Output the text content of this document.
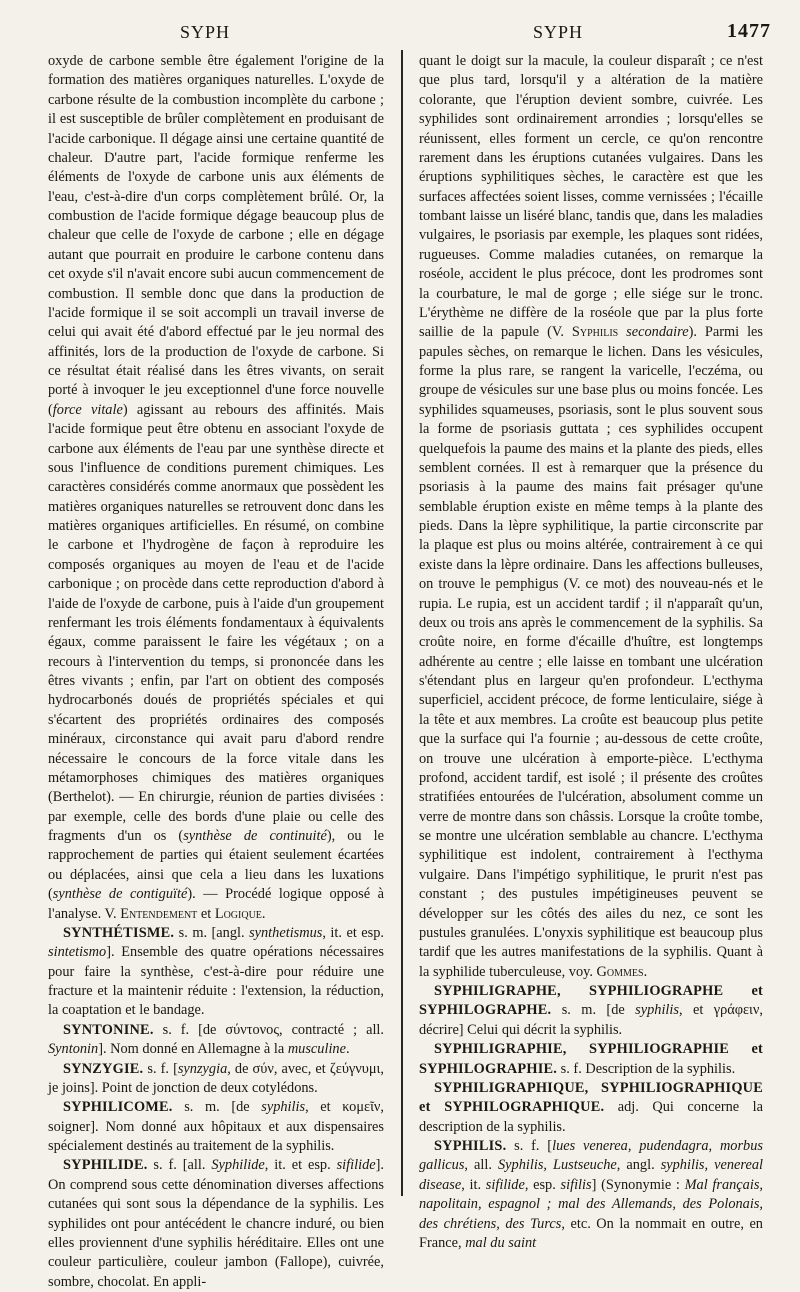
SYPH	SYPH	1477

oxyde de carbone semble être également l'origine de la formation des matières organiques naturelles. L'oxyde de carbone résulte de la combustion incomplète du carbone ; il est susceptible de brûler complètement en produisant de l'acide carbonique. Il dégage ainsi une certaine quantité de chaleur. D'autre part, l'acide formique renferme les éléments de l'oxyde de carbone unis aux éléments de l'eau, c'est-à-dire d'un corps complètement brûlé. Or, la combustion de l'acide formique dégage beaucoup plus de chaleur que celle de l'oxyde de carbone ; elle en dégage autant que pourrait en produire le carbone contenu dans cet oxyde s'il n'avait encore subi aucun commencement de combustion. Il semble donc que dans la production de l'acide formique il se soit accompli un travail inverse de celui qui avait été d'abord effectué par le jeu normal des affinités, lors de la production de l'oxyde de carbone. Si ce résultat était réalisé dans les êtres vivants, on serait porté à invoquer le jeu exceptionnel d'une force nouvelle (force vitale) agissant au rebours des affinités. Mais l'acide formique peut être obtenu en associant l'oxyde de carbone aux éléments de l'eau par une synthèse directe et sous l'influence de conditions purement chimiques. Les caractères considérés comme anormaux que possèdent les matières organiques naturelles se retrouvent donc dans les matières organiques artificielles. En résumé, on combine le carbone et l'hydrogène de façon à reproduire les composés organiques au moyen de l'eau et de l'acide carbonique ; on procède dans cette reproduction d'abord à l'aide de l'oxyde de carbone, puis à l'aide d'un groupement renfermant les trois éléments fondamentaux à équivalents égaux, comme paraissent le faire les végétaux ; on a recours à l'intervention du temps, si prononcée dans les êtres vivants ; enfin, par l'art on obtient des composés hydrocarbonés doués de propriétés spéciales et qui s'écartent des propriétés ordinaires des composés minéraux, circonstance qui avait paru d'abord rendre nécessaire le concours de la force vitale dans les métamorphoses chimiques des matières organiques (Berthelot). — En chirurgie, réunion de parties divisées : par exemple, celle des bords d'une plaie ou celle des fragments d'un os (synthèse de continuité), ou le rapprochement de parties qui étaient seulement écartées ou déplacées, ainsi que cela a lieu dans les luxations (synthèse de contiguïté). — Procédé logique opposé à l'analyse. V. Entendement et Logique.

SYNTHÉTISME. s. m. [angl. synthetismus, it. et esp. sintetismo]. Ensemble des quatre opérations nécessaires pour faire la synthèse, c'est-à-dire pour réduire une fracture et la maintenir réduite : l'extension, la réduction, la coaptation et le bandage.

SYNTONINE. s. f. [de σύντονος, contracté ; all. Syntonin]. Nom donné en Allemagne à la musculine.

SYNZYGIE. s. f. [synzygia, de σύν, avec, et ζεύγνυμι, je joins]. Point de jonction de deux cotylédons.

SYPHILICOME. s. m. [de syphilis, et κομεῖν, soigner]. Nom donné aux hôpitaux et aux dispensaires spécialement destinés au traitement de la syphilis.

SYPHILIDE. s. f. [all. Syphilide, it. et esp. sifilide]. On comprend sous cette dénomination diverses affections cutanées qui sont sous la dépendance de la syphilis. Les syphilides ont pour antécédent le chancre induré, ou bien elles proviennent d'une syphilis héréditaire. Elles ont une couleur particulière, couleur jambon (Fallope), cuivrée, sombre, chocolat. En appli-

quant le doigt sur la macule, la couleur disparaît ; ce n'est que plus tard, lorsqu'il y a altération de la matière colorante, que l'éruption devient sombre, cuivrée. Les syphilides sont ordinairement arrondies ; lorsqu'elles se réunissent, elles forment un cercle, ce qu'on rencontre rarement dans les éruptions cutanées vulgaires. Dans les éruptions syphilitiques sèches, le caractère est que les surfaces affectées soient lisses, comme vernissées ; l'écaille tombant laisse un liséré blanc, tandis que, dans les maladies vulgaires, le psoriasis par exemple, les plaques sont ridées, rugueuses. Comme maladies cutanées, on remarque la roséole, accident le plus précoce, dont les prodromes sont la courbature, le mal de gorge ; elle siége sur le tronc. L'érythème ne diffère de la roséole que par la plus forte saillie de la papule (V. Syphilis secondaire). Parmi les papules sèches, on remarque le lichen. Dans les vésicules, forme la plus rare, se rangent la varicelle, l'eczéma, ou groupe de vésicules sur une base plus ou moins foncée. Les syphilides squameuses, psoriasis, sont le plus souvent sous la forme de psoriasis guttata ; ces syphilides occupent quelquefois la paume des mains et la plante des pieds, elles semblent cornées. Il est à remarquer que la présence du psoriasis à la paume des mains fait présager qu'une semblable éruption existe en même temps à la plante des pieds. Dans la lèpre syphilitique, la partie circonscrite par la plaque est plus ou moins altérée, contrairement à ce qui existe dans la lèpre ordinaire. Dans les affections bulleuses, on trouve le pemphigus (V. ce mot) des nouveau-nés et le rupia. Le rupia, est un accident tardif ; il n'apparaît qu'un, deux ou trois ans après le commencement de la syphilis. Sa croûte noire, en forme d'écaille d'huître, est longtemps adhérente au centre ; elle laisse en tombant une ulcération s'étendant plus en largeur qu'en profondeur. L'ecthyma superficiel, accident précoce, de forme lenticulaire, siége à la tête et aux membres. La croûte est beaucoup plus petite que la surface qui l'a fournie ; au-dessous de cette croûte, on trouve une ulcération à emporte-pièce. L'ecthyma profond, accident tardif, est isolé ; il présente des croûtes stratifiées entourées de l'ulcération, absolument comme un verre de montre dans son châssis. Lorsque la croûte tombe, se montre une ulcération semblable au chancre. L'ecthyma syphilitique est indolent, contrairement à l'ecthyma vulgaire. Dans l'impétigo syphilitique, le prurit n'est pas constant ; des pustules impétigineuses peuvent se développer sur les côtés des ailes du nez, ce sont les pustules granulées. L'onyxis syphilitique est beaucoup plus tardif que les autres manifestations de la syphilis. Quant à la syphilide tuberculeuse, voy. Gommes.

SYPHILIGRAPHE, SYPHILIOGRAPHE et SYPHILOGRAPHE. s. m. [de syphilis, et γράφειν, décrire] Celui qui décrit la syphilis.

SYPHILIGRAPHIE, SYPHILIOGRAPHIE et SYPHILOGRAPHIE. s. f. Description de la syphilis.

SYPHILIGRAPHIQUE, SYPHILIOGRAPHIQUE et SYPHILOGRAPHIQUE. adj. Qui concerne la description de la syphilis.

SYPHILIS. s. f. [lues venerea, pudendagra, morbus gallicus, all. Syphilis, Lustseuche, angl. syphilis, venereal disease, it. sifilide, esp. sifilis] (Synonymie : Mal français, napolitain, espagnol ; mal des Allemands, des Polonais, des chrétiens, des Turcs, etc. On la nommait en outre, en France, mal du saint
